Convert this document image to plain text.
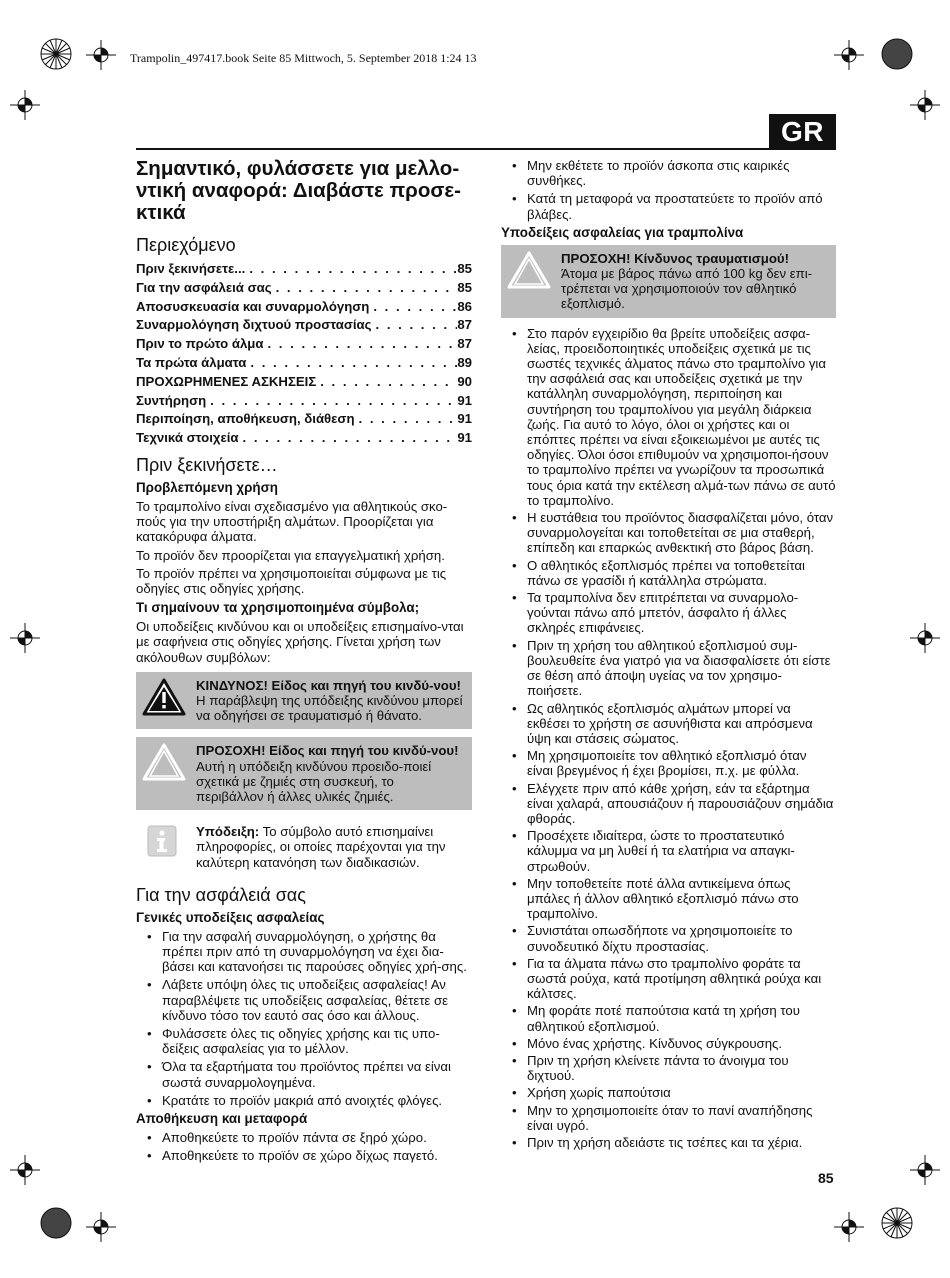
Trampolin_497417.book Seite 85 Mittwoch, 5. September 2018 1:24 13
GR
Σημαντικό, φυλάσσετε για μελλο-ντική αναφορά: Διαβάστε προσε-κτικά
Περιεχόμενο
Πριν ξεκινήσετε... . . .	85
Για την ασφάλειά σας . . .	85
Αποσυσκευασία και συναρμολόγηση . . .	86
Συναρμολόγηση διχτυού προστασίας . . .	87
Πριν το πρώτο άλμα . . .	87
Τα πρώτα άλματα . . .	89
ΠΡΟΧΩΡΗΜΕΝΕΣ ΑΣΚΗΣΕΙΣ . . .	90
Συντήρηση . . .	91
Περιποίηση, αποθήκευση, διάθεση . . .	91
Τεχνικά στοιχεία . . .	91
Πριν ξεκινήσετε…
Προβλεπόμενη χρήση

Το τραμπολίνο είναι σχεδιασμένο για αθλητικούς σκο-πούς για την υποστήριξη αλμάτων. Προορίζεται για κατακόρυφα άλματα.

Το προϊόν δεν προορίζεται για επαγγελματική χρήση.

Το προϊόν πρέπει να χρησιμοποιείται σύμφωνα με τις οδηγίες στις οδηγίες χρήσης.

Τι σημαίνουν τα χρησιμοποιημένα σύμβολα;

Οι υποδείξεις κινδύνου και οι υποδείξεις επισημαίνο-νται με σαφήνεια στις οδηγίες χρήσης. Γίνεται χρήση των ακόλουθων συμβόλων:

ΚΙΝΔΥΝΟΣ! Είδος και πηγή του κινδύ-νου! Η παράβλεψη της υπόδειξης κινδύνου μπορεί να οδηγήσει σε τραυματισμό ή θάνατο.
ΠΡΟΣΟΧΗ! Είδος και πηγή του κινδύ-νου! Αυτή η υπόδειξη κινδύνου προειδο-ποιεί σχετικά με ζημιές στη συσκευή, το περιβάλλον ή άλλες υλικές ζημιές.
Υπόδειξη: Το σύμβολο αυτό επισημαίνει πληροφορίες, οι οποίες παρέχονται για την καλύτερη κατανόηση των διαδικασιών.
Για την ασφάλειά σας
Γενικές υποδείξεις ασφαλείας
• Για την ασφαλή συναρμολόγηση, ο χρήστης θα πρέπει πριν από τη συναρμολόγηση να έχει δια-βάσει και κατανοήσει τις παρούσες οδηγίες χρή-σης.
• Λάβετε υπόψη όλες τις υποδείξεις ασφαλείας! Αν παραβλέψετε τις υποδείξεις ασφαλείας, θέτετε σε κίνδυνο τόσο τον εαυτό σας όσο και άλλους.
• Φυλάσσετε όλες τις οδηγίες χρήσης και τις υπο-δείξεις ασφαλείας για το μέλλον.
• Όλα τα εξαρτήματα του προϊόντος πρέπει να είναι σωστά συναρμολογημένα.
• Κρατάτε το προϊόν μακριά από ανοιχτές φλόγες.
Αποθήκευση και μεταφορά
• Αποθηκεύετε το προϊόν πάντα σε ξηρό χώρο.
• Αποθηκεύετε το προϊόν σε χώρο δίχως παγετό.
• Μην εκθέτετε το προϊόν άσκοπα στις καιρικές συνθήκες.
• Κατά τη μεταφορά να προστατεύετε το προϊόν από βλάβες.
Υποδείξεις ασφαλείας για τραμπολίνα
ΠΡΟΣΟΧΗ! Κίνδυνος τραυματισμού!
Άτομα με βάρος πάνω από 100 kg δεν επι-τρέπεται να χρησιμοποιούν τον αθλητικό εξοπλισμό.
• Στο παρόν εγχειρίδιο θα βρείτε υποδείξεις ασφα-λείας, προειδοποιητικές υποδείξεις σχετικά με τις σωστές τεχνικές άλματος πάνω στο τραμπολίνο για την ασφάλειά σας και υποδείξεις σχετικά με την κατάλληλη συναρμολόγηση, περιποίηση και συντήρηση του τραμπολίνου για μεγάλη διάρκεια ζωής. Για αυτό το λόγο, όλοι οι χρήστες και οι επόπτες πρέπει να είναι εξοικειωμένοι με αυτές τις οδηγίες. Όλοι όσοι επιθυμούν να χρησιμοποι-ήσουν το τραμπολίνο πρέπει να γνωρίζουν τα προσωπικά τους όρια κατά την εκτέλεση αλμά-των πάνω σε αυτό το τραμπολίνο.
• Η ευστάθεια του προϊόντος διασφαλίζεται μόνο, όταν συναρμολογείται και τοποθετείται σε μια σταθερή, επίπεδη και επαρκώς ανθεκτική στο βάρος βάση.
• Ο αθλητικός εξοπλισμός πρέπει να τοποθετείται πάνω σε γρασίδι ή κατάλληλα στρώματα.
• Τα τραμπολίνα δεν επιτρέπεται να συναρμολο-γούνται πάνω από μπετόν, άσφαλτο ή άλλες σκληρές επιφάνειες.
• Πριν τη χρήση του αθλητικού εξοπλισμού συμ-βουλευθείτε ένα γιατρό για να διασφαλίσετε ότι είστε σε θέση από άποψη υγείας να τον χρησιμο-ποιήσετε.
• Ως αθλητικός εξοπλισμός αλμάτων μπορεί να εκθέσει το χρήστη σε ασυνήθιστα και απρόσμενα ύψη και στάσεις σώματος.
• Μη χρησιμοποιείτε τον αθλητικό εξοπλισμό όταν είναι βρεγμένος ή έχει βρομίσει, π.χ. με φύλλα.
• Ελέγχετε πριν από κάθε χρήση, εάν τα εξάρτημα είναι χαλαρά, απουσιάζουν ή παρουσιάζουν σημάδια φθοράς.
• Προσέχετε ιδιαίτερα, ώστε το προστατευτικό κάλυμμα να μη λυθεί ή τα ελατήρια να απαγκι-στρωθούν.
• Μην τοποθετείτε ποτέ άλλα αντικείμενα όπως μπάλες ή άλλον αθλητικό εξοπλισμό πάνω στο τραμπολίνο.
• Συνιστάται οπωσδήποτε να χρησιμοποιείτε το συνοδευτικό δίχτυ προστασίας.
• Για τα άλματα πάνω στο τραμπολίνο φοράτε τα σωστά ρούχα, κατά προτίμηση αθλητικά ρούχα και κάλτσες.
• Μη φοράτε ποτέ παπούτσια κατά τη χρήση του αθλητικού εξοπλισμού.
• Μόνο ένας χρήστης. Κίνδυνος σύγκρουσης.
• Πριν τη χρήση κλείνετε πάντα το άνοιγμα του διχτυού.
• Χρήση χωρίς παπούτσια
• Μην το χρησιμοποιείτε όταν το πανί αναπήδησης είναι υγρό.
• Πριν τη χρήση αδειάστε τις τσέπες και τα χέρια.
85
